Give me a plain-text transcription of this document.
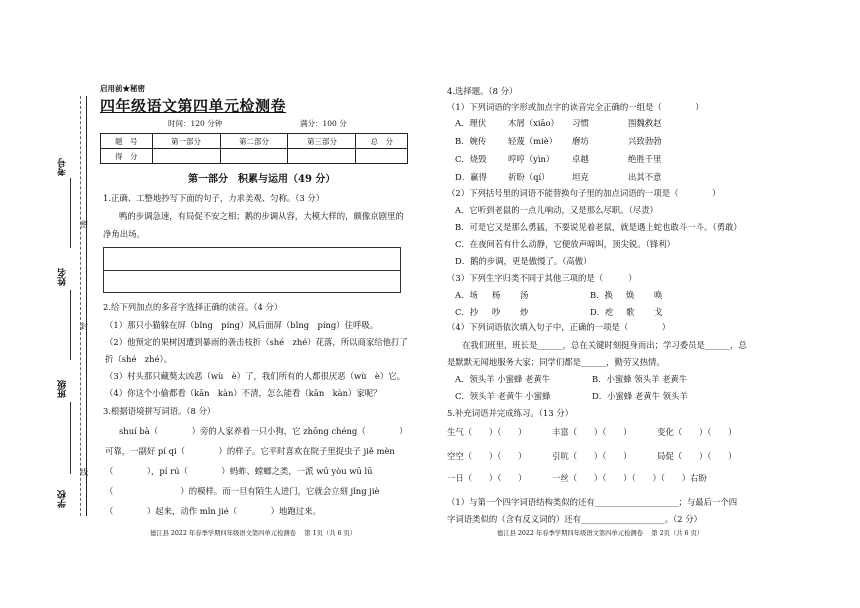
密
封
线
考号
姓名
班级
学校
启用前★秘密
四年级语文第四单元检测卷
时间：120 分钟	满分：100 分
题　号	第一部分	第二部分	第三部分	总　分
得　分				
第一部分　积累与运用（49 分）
1.正确、工整地抄写下面的句子，力求美观、匀称。（3 分）
鸭的步调急速，有局促不安之相；鹅的步调从容，大模大样的，颇像京剧里的
净角出场。
2.给下列加点的多音字选择正确的读音。（4 分）
（1）那只小猫躲在屏（bǐng　píng）风后面屏（bǐng　píng）住呼吸。
（2）他预定的果树因遭到暴雨的袭击枝折（shé　zhé）花落，所以商家给他打了
折（shé　zhé）。
（3）村头那只藏獒太凶恶（wù　è）了，我们所有的人都很厌恶（wù　è）它。
（4）你这个小偷都看（kān　kàn）不清，怎么能看（kān　kàn）家呢？
3.根据语境拼写词语。（8 分）
shuí bà（　　　　）旁的人家养着一只小狗，它 zhōng chéng（　　　　）
可靠，一副好 pí qi（　　　　）的样子。它平时喜欢在院子里捉虫子 jiě mèn
（　　　　），pí rú（　　　　）蚂蚱、螳螂之类，一派 wū yòu wū lū
（　　　　　　　　）的模样。而一旦有陌生人进门，它就会立刻 jǐng jiè
（　　　　）起来，动作 mǐn jié（　　　　）地跑过来。
德江县 2022 年春季学期四年级语文第四单元检测卷　 第 1页（共 6 页）
4.选择题。（8 分）
（1）下列词语的字形或加点字的读音完全正确的一组是（　　　　）
A．理伏	木屑（xiāo） 习惯	围魏救赵
B．婉传	轻蔑（miè） 磨坊	兴致勃勃
C．烧毁	哼哼（yìn） 卓越	绝胜千里
D．赢得	祈盼（qí）	坦克	出其不意
（2）下列括号里的词语不能替换句子里的加点词语的一项是（　　　　）
A．它听到老鼠的一点儿响动，又是那么尽职。（尽责）
B．可是它又是那么勇猛，不要说见着老鼠，就是遇上蛇也敢斗一斗。（勇敢）
C．在夜间若有什么动静，它便放声啼叫，顶尖锐。（锋利）
D．鹅的步调，更是傲慢了。（高傲）
（3）下列生字归类不同于其他三项的是（　　　）
A．场 杨 汤	B．换 焕 唤
C．抄 吵 炒	D．疙 歌 戈
（4）下列词语依次填入句子中，正确的一项是（　　　　）
在我们班里，班长是______，总在关键时刻挺身而出；学习委员是______，总
是默默无闻地服务大家；同学们都是______，勤劳又热情。
A．领头羊 小蜜蜂 老黄牛	B．小蜜蜂 领头羊 老黄牛
C．领头羊 老黄牛 小蜜蜂	D．小蜜蜂 老黄牛 领头羊
5.补充词语并完成练习。（13 分）
生气（　　）（　　）	丰富（　　）（　　）	变化（　　）（　　）
空空（　　）（　　）	引吭（　　）（　　）	局促（　　）（　　）
一日（　　）（　　）	一丝（　　）（　　）（　　）（　　）右盼
（1）与第一个四字词语结构类似的还有____________________；与最后一个四
字词语类似的（含有反义词的）还有____________________。（2 分）
德江县 2022 年春季学期四年级语文第四单元检测卷　 第 2页（共 6 页）
